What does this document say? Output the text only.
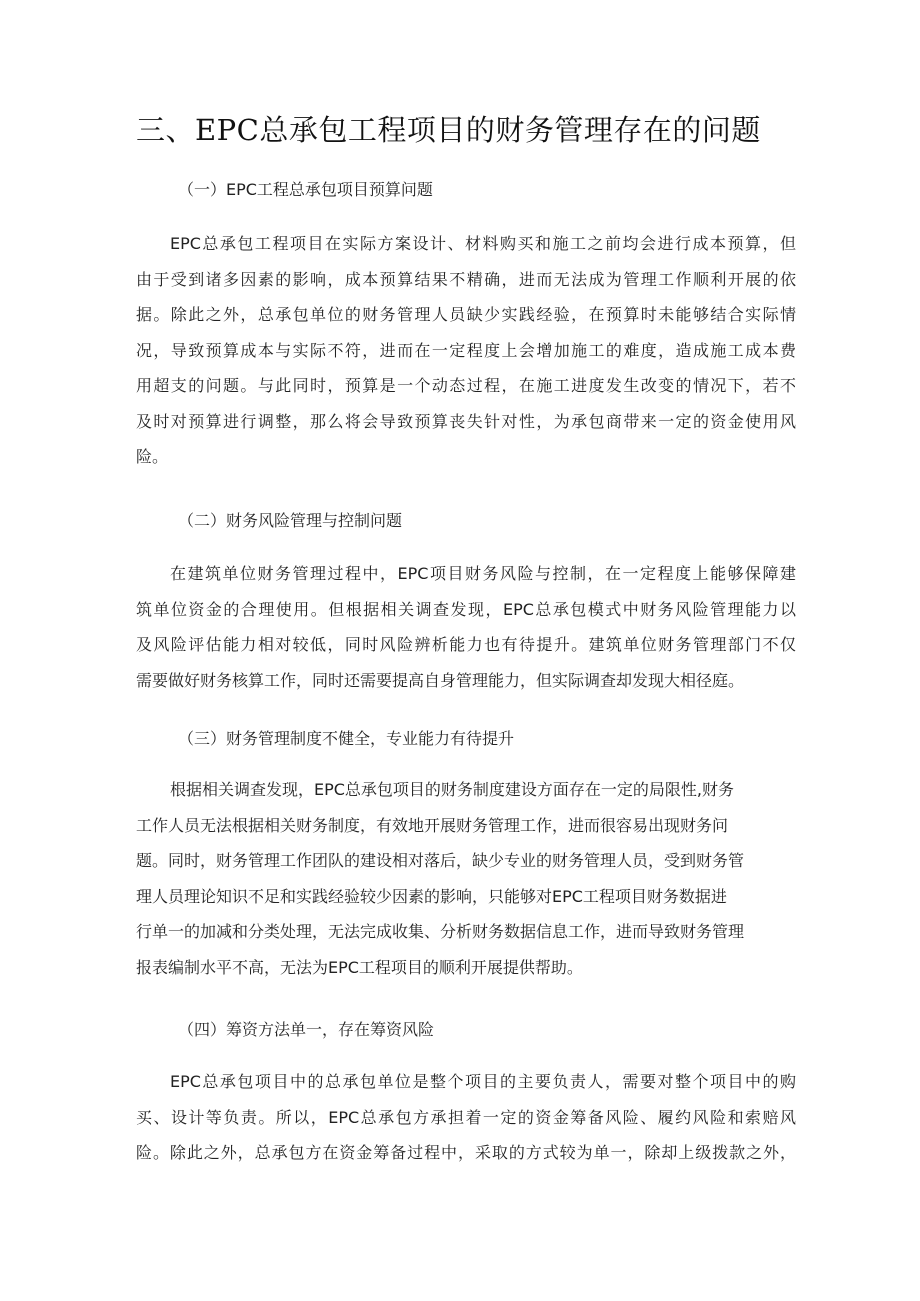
三、EPC总承包工程项目的财务管理存在的问题
（一）EPC工程总承包项目预算问题
EPC总承包工程项目在实际方案设计、材料购买和施工之前均会进行成本预算，但
由于受到诸多因素的影响，成本预算结果不精确，进而无法成为管理工作顺利开展的依
据。除此之外，总承包单位的财务管理人员缺少实践经验，在预算时未能够结合实际情
况，导致预算成本与实际不符，进而在一定程度上会增加施工的难度，造成施工成本费
用超支的问题。与此同时，预算是一个动态过程，在施工进度发生改变的情况下，若不
及时对预算进行调整，那么将会导致预算丧失针对性，为承包商带来一定的资金使用风
险。
（二）财务风险管理与控制问题
在建筑单位财务管理过程中，EPC项目财务风险与控制，在一定程度上能够保障建
筑单位资金的合理使用。但根据相关调查发现，EPC总承包模式中财务风险管理能力以
及风险评估能力相对较低，同时风险辨析能力也有待提升。建筑单位财务管理部门不仅
需要做好财务核算工作，同时还需要提高自身管理能力，但实际调查却发现大相径庭。
（三）财务管理制度不健全，专业能力有待提升
根据相关调查发现，EPC总承包项目的财务制度建设方面存在一定的局限性,财务
工作人员无法根据相关财务制度，有效地开展财务管理工作，进而很容易出现财务问
题。同时，财务管理工作团队的建设相对落后，缺少专业的财务管理人员，受到财务管
理人员理论知识不足和实践经验较少因素的影响，只能够对EPC工程项目财务数据进
行单一的加减和分类处理，无法完成收集、分析财务数据信息工作，进而导致财务管理
报表编制水平不高，无法为EPC工程项目的顺利开展提供帮助。
（四）筹资方法单一，存在筹资风险
EPC总承包项目中的总承包单位是整个项目的主要负责人，需要对整个项目中的购
买、设计等负责。所以，EPC总承包方承担着一定的资金筹备风险、履约风险和索赔风
险。除此之外，总承包方在资金筹备过程中，采取的方式较为单一，除却上级拨款之外，
